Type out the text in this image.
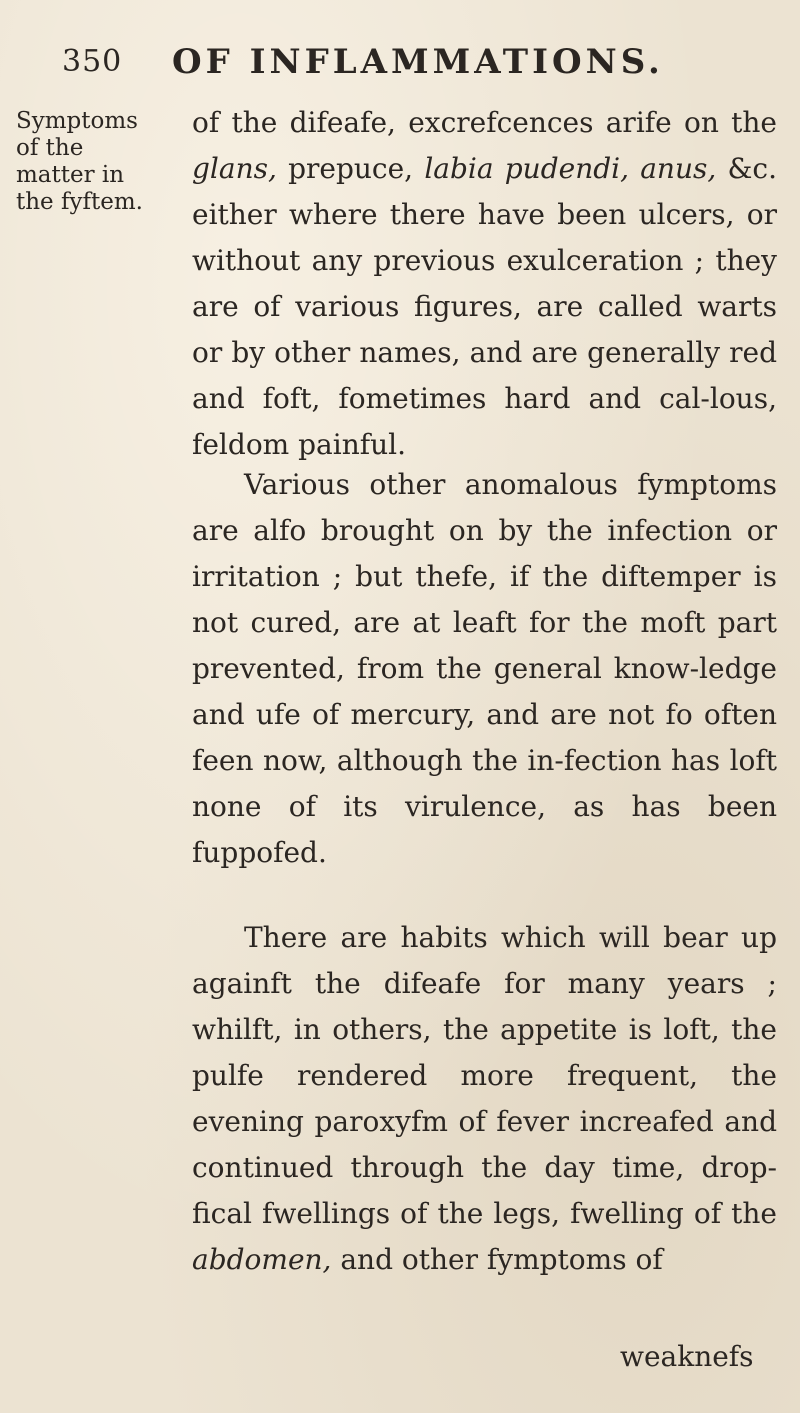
350 OF INFLAMMATIONS.
Symptoms
of the
matter in
the fyftem.

of the difeafe, excrefcences arife on the glans, prepuce, labia pudendi, anus, &c. either where there have been ulcers, or without any previous exulceration ; they are of various figures, are called warts or by other names, and are generally red and foft, fometimes hard and cal-lous, feldom painful.

Various other anomalous fymptoms are alfo brought on by the infection or irritation ; but thefe, if the diftemper is not cured, are at leaft for the moft part prevented, from the general know-ledge and ufe of mercury, and are not fo often feen now, although the in-fection has loft none of its virulence, as has been fuppofed.

There are habits which will bear up againft the difeafe for many years ; whilft, in others, the appetite is loft, the pulfe rendered more frequent, the evening paroxyfm of fever increafed and continued through the day time, drop-fical fwellings of the legs, fwelling of the abdomen, and other fymptoms of

weaknefs
